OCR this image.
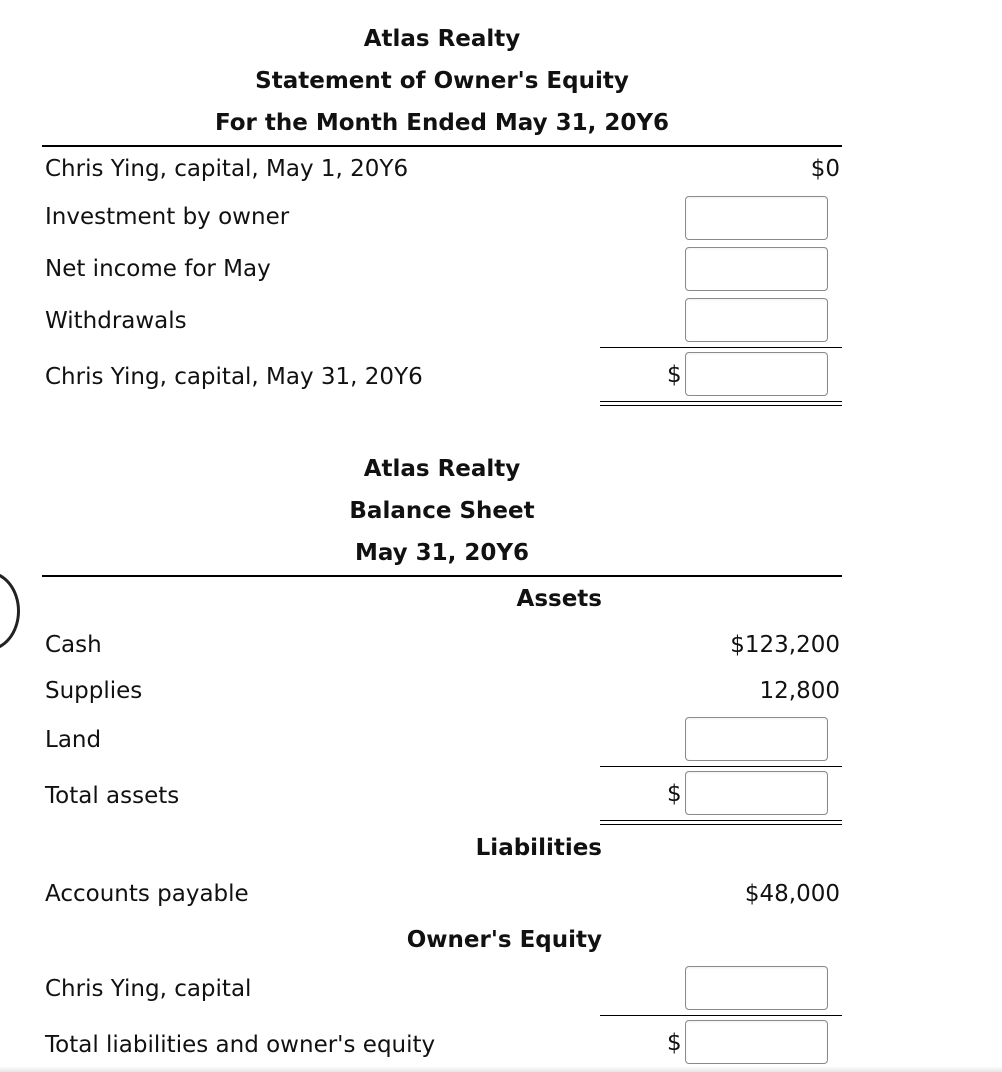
Atlas Realty
Statement of Owner's Equity
For the Month Ended May 31, 20Y6
Chris Ying, capital, May 1, 20Y6	$0
Investment by owner
Net income for May
Withdrawals
Chris Ying, capital, May 31, 20Y6	$
Atlas Realty
Balance Sheet
May 31, 20Y6
Assets
Cash	$123,200
Supplies	12,800
Land
Total assets	$
Liabilities
Accounts payable	$48,000
Owner's Equity
Chris Ying, capital
Total liabilities and owner's equity	$
